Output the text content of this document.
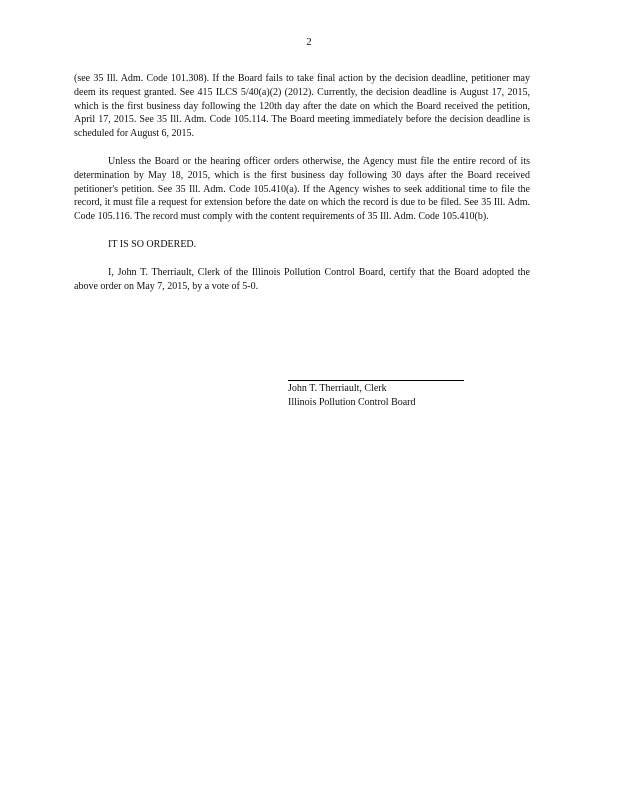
2

(see 35 Ill. Adm. Code 101.308). If the Board fails to take final action by the decision deadline, petitioner may deem its request granted. See 415 ILCS 5/40(a)(2) (2012). Currently, the decision deadline is August 17, 2015, which is the first business day following the 120th day after the date on which the Board received the petition, April 17, 2015. See 35 Ill. Adm. Code 105.114. The Board meeting immediately before the decision deadline is scheduled for August 6, 2015.

Unless the Board or the hearing officer orders otherwise, the Agency must file the entire record of its determination by May 18, 2015, which is the first business day following 30 days after the Board received petitioner's petition. See 35 Ill. Adm. Code 105.410(a). If the Agency wishes to seek additional time to file the record, it must file a request for extension before the date on which the record is due to be filed. See 35 Ill. Adm. Code 105.116. The record must comply with the content requirements of 35 Ill. Adm. Code 105.410(b).

IT IS SO ORDERED.

I, John T. Therriault, Clerk of the Illinois Pollution Control Board, certify that the Board adopted the above order on May 7, 2015, by a vote of 5-0.

John T. Therriault, Clerk
Illinois Pollution Control Board
